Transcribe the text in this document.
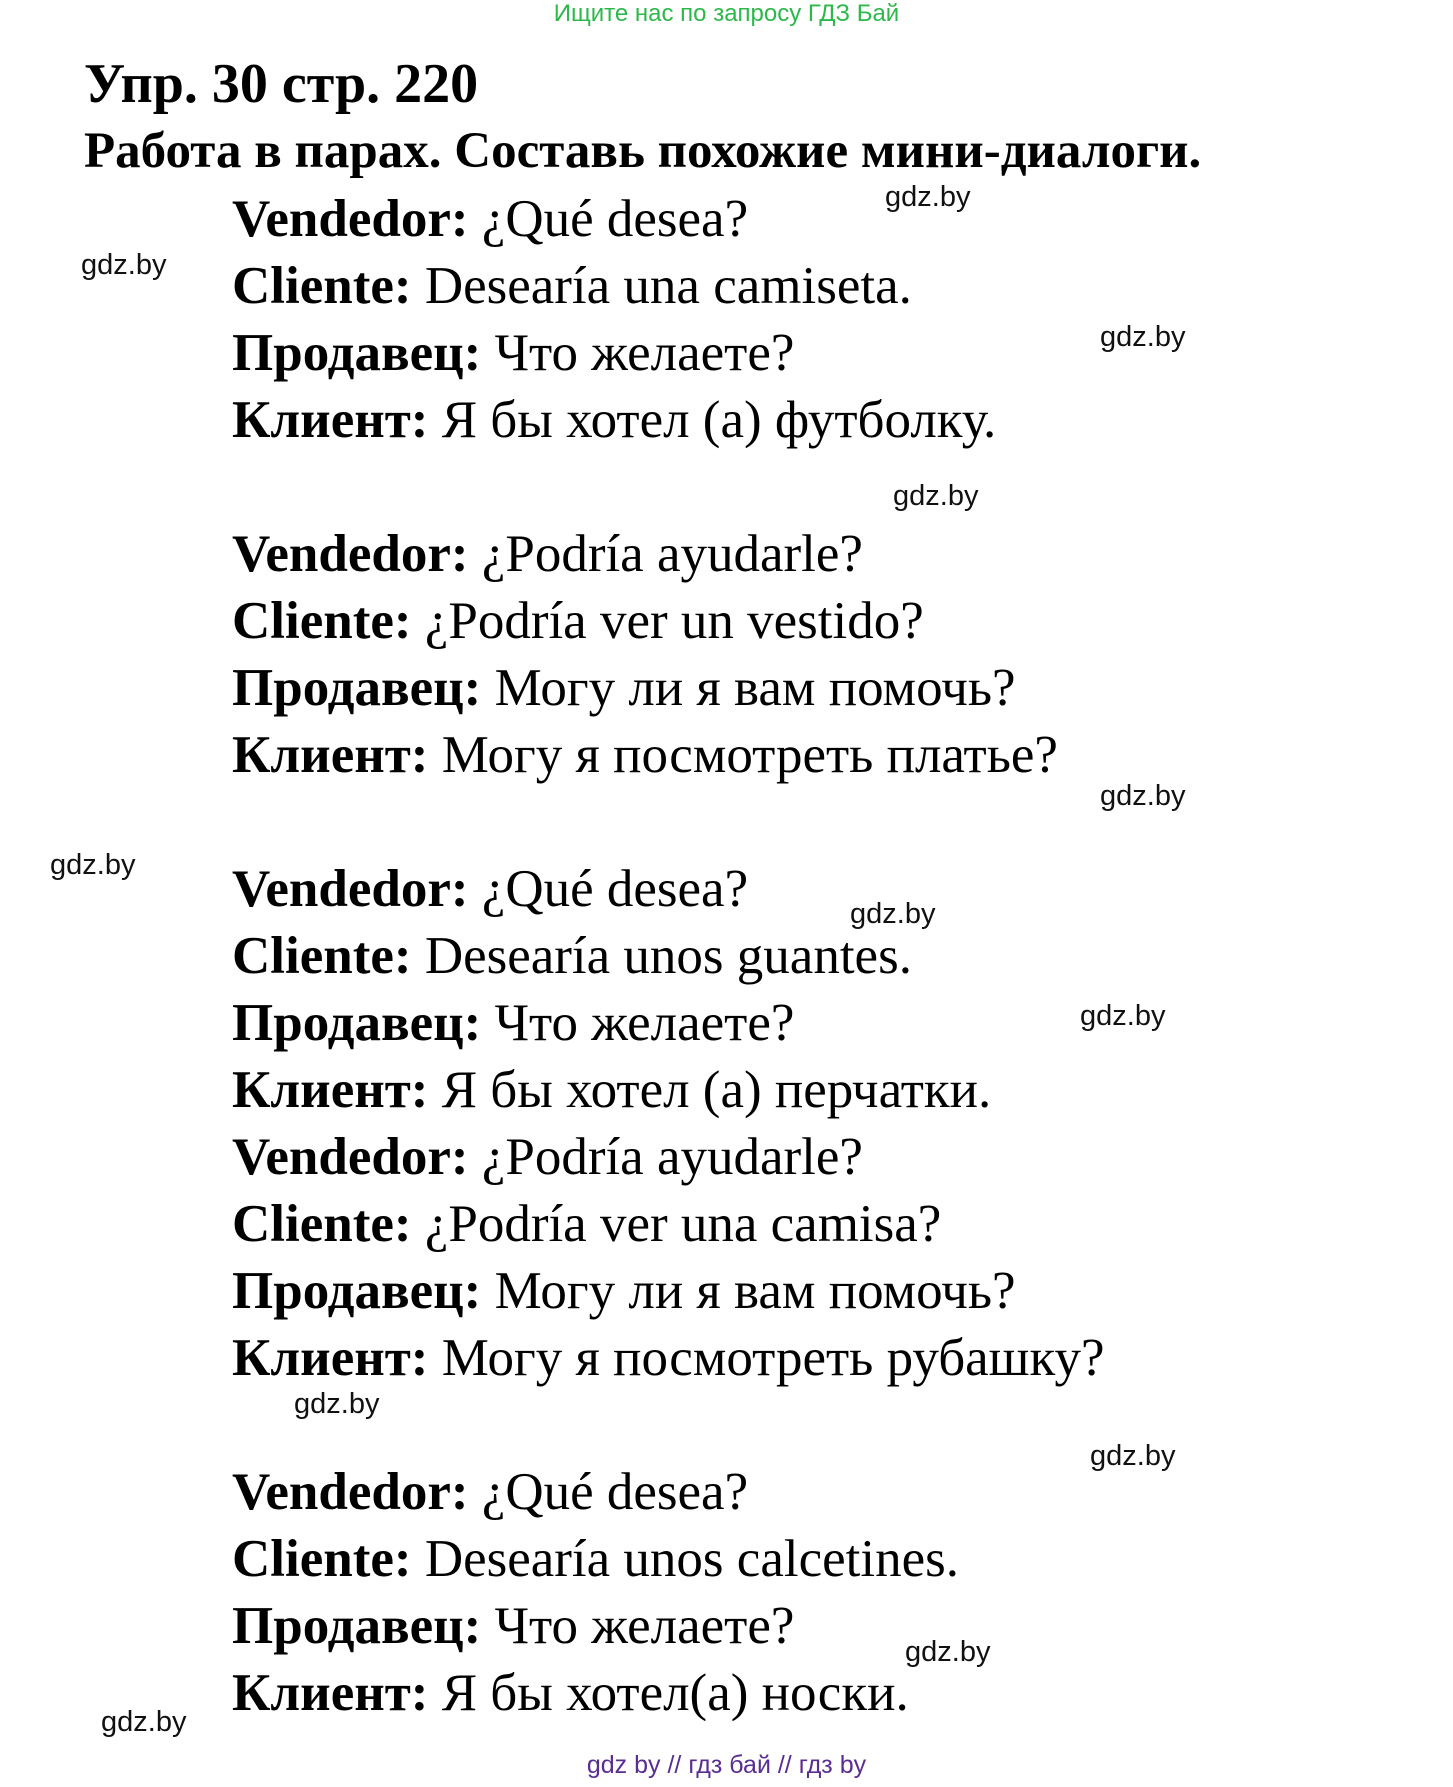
Ищите нас по запросу ГДЗ Бай
Упр. 30 стр. 220
Работа в парах. Составь похожие мини-диалоги.
Vendedor: ¿Qué desea?
Cliente: Desearía una camiseta.
Продавец: Что желаете?
Клиент: Я бы хотел (а) футболку.
Vendedor: ¿Podría ayudarle?
Cliente: ¿Podría ver un vestido?
Продавец: Могу ли я вам помочь?
Клиент: Могу я посмотреть платье?
Vendedor: ¿Qué desea?
Cliente: Desearía unos guantes.
Продавец: Что желаете?
Клиент: Я бы хотел (а) перчатки.
Vendedor: ¿Podría ayudarle?
Cliente: ¿Podría ver una camisa?
Продавец: Могу ли я вам помочь?
Клиент: Могу я посмотреть рубашку?
Vendedor: ¿Qué desea?
Cliente: Desearía unos calcetines.
Продавец: Что желаете?
Клиент: Я бы хотел(а) носки.
gdz.by
gdz.by
gdz.by
gdz.by
gdz.by
gdz.by
gdz.by
gdz.by
gdz.by
gdz.by
gdz.by
gdz.by
gdz by // гдз бай // гдз by
